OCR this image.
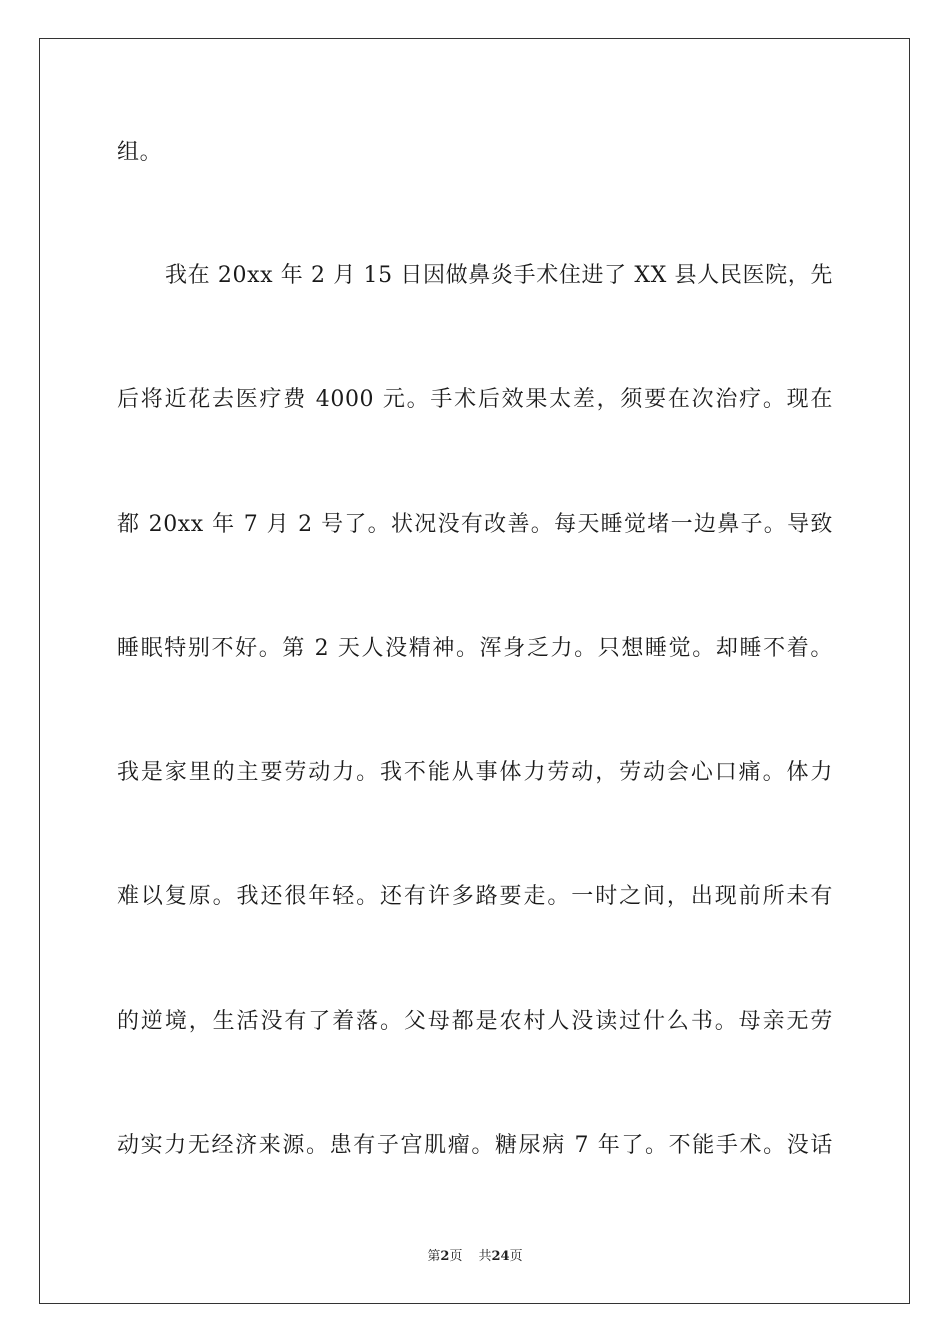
组。
我在 20xx 年 2 月 15 日因做鼻炎手术住进了 XX 县人民医院，先
后将近花去医疗费 4000 元。手术后效果太差，须要在次治疗。现在
都 20xx 年 7 月 2 号了。状况没有改善。每天睡觉堵一边鼻子。导致
睡眠特别不好。第 2 天人没精神。浑身乏力。只想睡觉。却睡不着。
我是家里的主要劳动力。我不能从事体力劳动，劳动会心口痛。体力
难以复原。我还很年轻。还有许多路要走。一时之间，出现前所未有
的逆境，生活没有了着落。父母都是农村人没读过什么书。母亲无劳
动实力无经济来源。患有子宫肌瘤。糖尿病 7 年了。不能手术。没话
第2页 共24页
